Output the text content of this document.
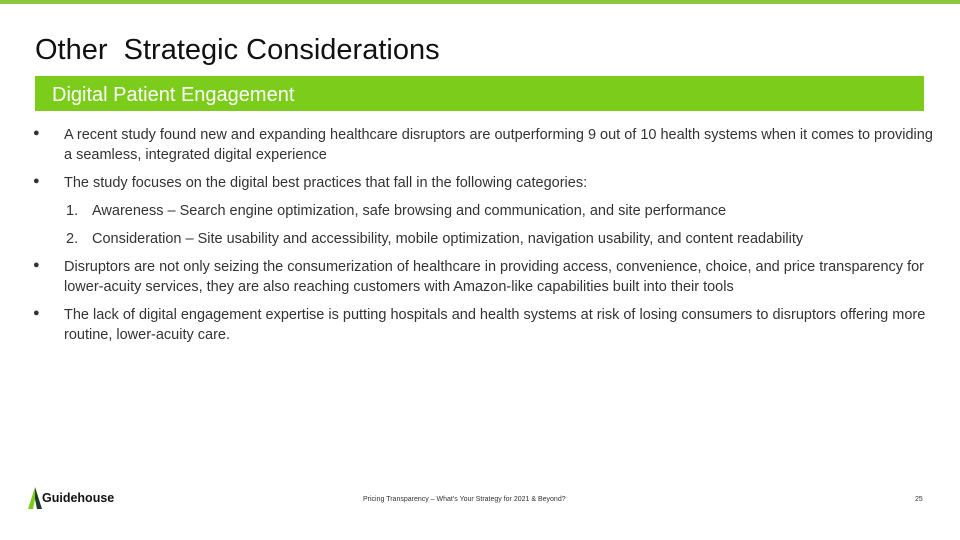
Other  Strategic Considerations
Digital Patient Engagement
● A recent study found new and expanding healthcare disruptors are outperforming 9 out of 10 health systems when it comes to providing a seamless, integrated digital experience
● The study focuses on the digital best practices that fall in the following categories:
1. Awareness – Search engine optimization, safe browsing and communication, and site performance
2. Consideration – Site usability and accessibility, mobile optimization, navigation usability, and content readability
● Disruptors are not only seizing the consumerization of healthcare in providing access, convenience, choice, and price transparency for lower-acuity services, they are also reaching customers with Amazon-like capabilities built into their tools
● The lack of digital engagement expertise is putting hospitals and health systems at risk of losing consumers to disruptors offering more routine, lower-acuity care.
Guidehouse	Pricing Transparency – What’s Your Strategy for 2021 & Beyond?	25
